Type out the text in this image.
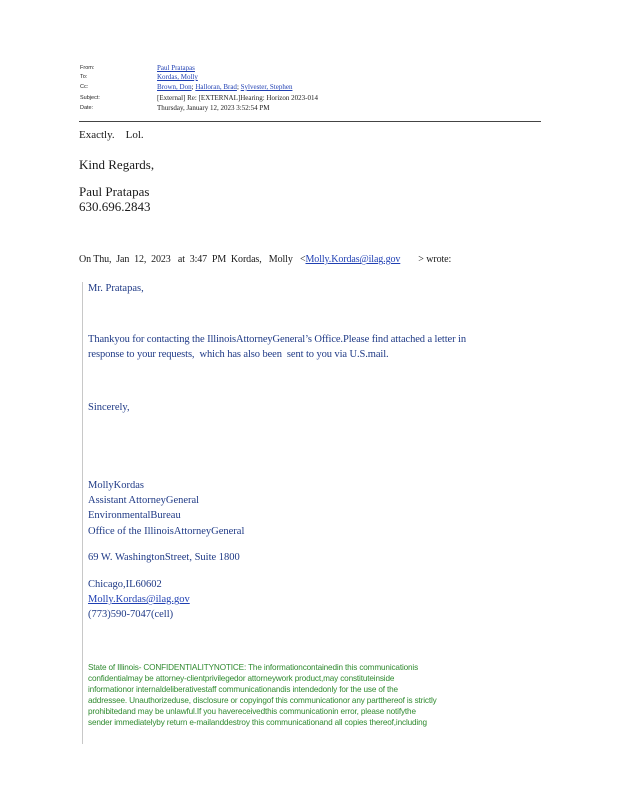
From:	Paul Pratapas
To:	Kordas, Molly
Cc:	Brown, Don; Halloran, Brad; Sylvester, Stephen
Subject:	[External] Re: [EXTERNAL]Hearing: Horizon 2023-014
Date:	Thursday, January 12, 2023 3:52:54 PM
Exactly.    Lol.
Kind Regards,
Paul Pratapas
630.696.2843
On Thu,  Jan  12,  2023   at  3:47  PM  Kordas,   Molly   <Molly.Kordas@ilag.gov > wrote:
Mr. Pratapas,
Thankyou for contacting the IllinoisAttorneyGeneral’s Office.Please find attached a letter in
response to your requests,  which has also been  sent to you via U.S.mail.
Sincerely,
MollyKordas
Assistant AttorneyGeneral
EnvironmentalBureau
Office of the IllinoisAttorneyGeneral
69 W. WashingtonStreet, Suite 1800
Chicago,IL60602
Molly.Kordas@ilag.gov
(773)590-7047(cell)
State of Illinois- CONFIDENTIALITYNOTICE: The informationcontainedin this communicationis
confidentialmay be attorney-clientprivilegedor attorneywork product,may constituteinside
informationor internaldeliberativestaff communicationandis intendedonly for the use of the
addressee. Unauthorizeduse, disclosure or copyingof this communicationor any partthereof is strictly
prohibitedand may be unlawful.If you havereceivedthis communicationin error, please notifythe
sender immediatelyby return e-mailanddestroy this communicationand all copies thereof,including
